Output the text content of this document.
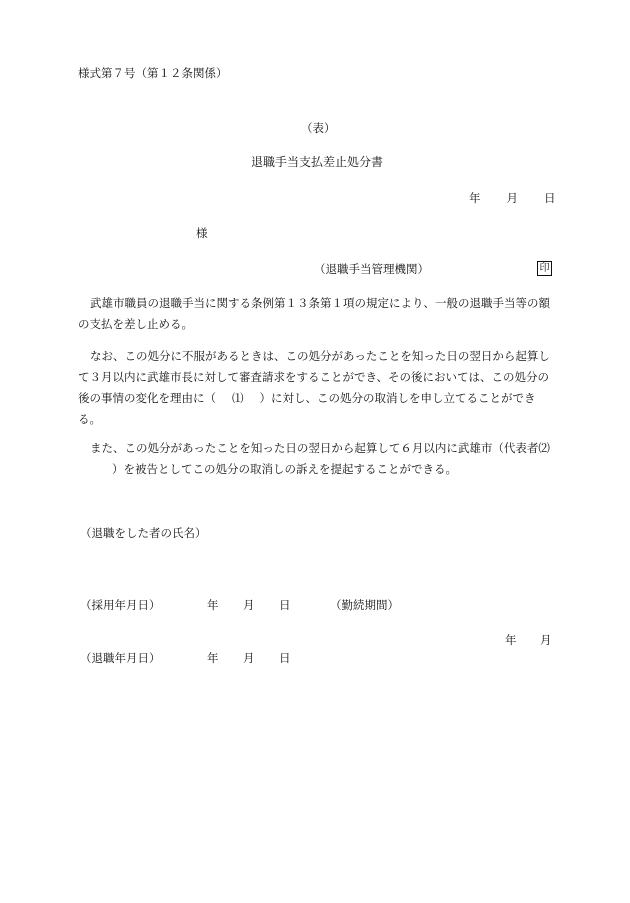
様式第７号（第１２条関係）
（表）
退職手当支払差止処分書
年 月 日
様
（退職手当管理機関）	印
武雄市職員の退職手当に関する条例第１３条第１項の規定により、一般の退職手当等の額の支払を差し止める。
なお、この処分に不服があるときは、この処分があったことを知った日の翌日から起算して３月以内に武雄市長に対して審査請求をすることができ、その後においては、この処分の後の事情の変化を理由に（ ⑴ ）に対し、この処分の取消しを申し立てることができる。
また、この処分があったことを知った日の翌日から起算して６月以内に武雄市（代表者⑵）を被告としてこの処分の取消しの訴えを提起することができる。
（退職をした者の氏名）
（採用年月日）	年 月 日	（勤続期間）
年 月
（退職年月日）	年 月 日
